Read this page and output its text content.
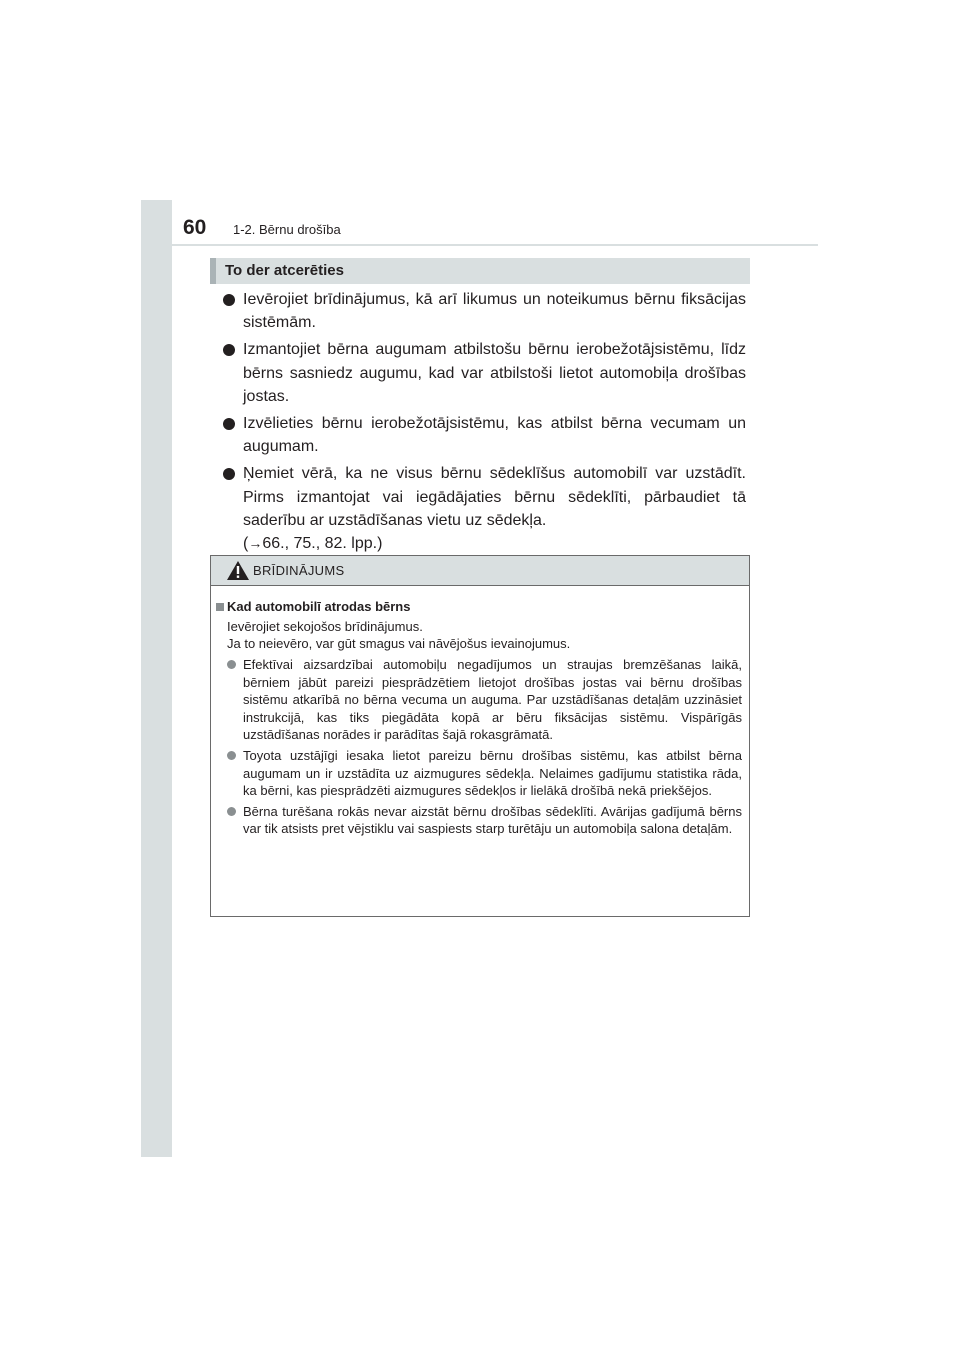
60 1-2. Bērnu drošība
To der atcerēties
Ievērojiet brīdinājumus, kā arī likumus un noteikumus bērnu fiksācijas sistēmām.
Izmantojiet bērna augumam atbilstošu bērnu ierobežotājsistēmu, līdz bērns sasniedz augumu, kad var atbilstoši lietot automobiļa drošības jostas.
Izvēlieties bērnu ierobežotājsistēmu, kas atbilst bērna vecumam un augumam.
Ņemiet vērā, ka ne visus bērnu sēdeklīšus automobilī var uzstādīt. Pirms izmantojat vai iegādājaties bērnu sēdeklīti, pārbaudiet tā saderību ar uzstādīšanas vietu uz sēdekļa.
(→66., 75., 82. lpp.)
BRĪDINĀJUMS
Kad automobilī atrodas bērns
Ievērojiet sekojošos brīdinājumus.
Ja to neievēro, var gūt smagus vai nāvējošus ievainojumus.
Efektīvai aizsardzībai automobiļu negadījumos un straujas bremzēšanas laikā, bērniem jābūt pareizi piesprādzētiem lietojot drošības jostas vai bērnu drošības sistēmu atkarībā no bērna vecuma un auguma. Par uzstādīšanas detaļām uzzināsiet instrukcijā, kas tiks piegādāta kopā ar bēru fiksācijas sistēmu. Vispārīgās uzstādīšanas norādes ir parādītas šajā rokasgrāmatā.
Toyota uzstājīgi iesaka lietot pareizu bērnu drošības sistēmu, kas atbilst bērna augumam un ir uzstādīta uz aizmugures sēdekļa. Nelaimes gadījumu statistika rāda, ka bērni, kas piesprādzēti aizmugures sēdekļos ir lielākā drošībā nekā priekšējos.
Bērna turēšana rokās nevar aizstāt bērnu drošības sēdeklīti. Avārijas gadījumā bērns var tik atsists pret vējstiklu vai saspiests starp turētāju un automobiļa salona detaļām.
